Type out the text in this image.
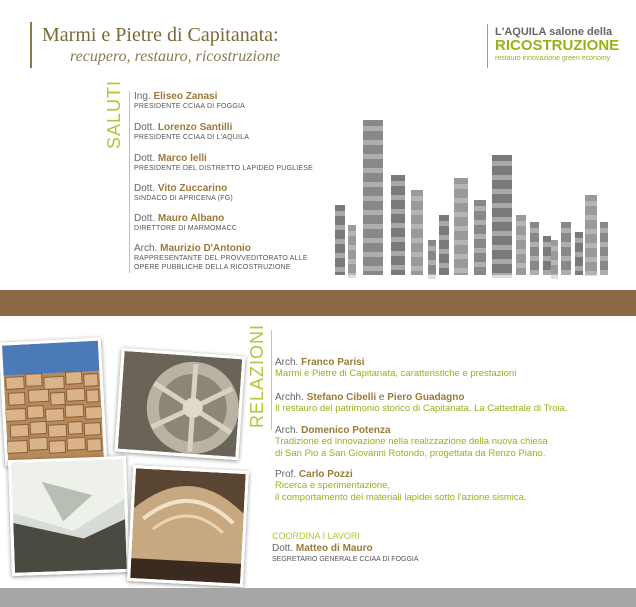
Marmi e Pietre di Capitanata:
recupero, restauro, ricostruzione
L'AQUILA salone della
RICOSTRUZIONE
restauro innovazione green economy
SALUTI Ing. Eliseo Zanasi
PRESIDENTE CCIAA DI FOGGIA
Dott. Lorenzo Santilli
PRESIDENTE CCIAA DI L'AQUILA
Dott. Marco Ielli
PRESIDENTE DEL DISTRETTO LAPIDEO PUGLIESE
Dott. Vito Zuccarino
SINDACO DI APRICENA (FG)
Dott. Mauro Albano
DIRETTORE DI MARMOMACC
Arch. Maurizio D'Antonio
RAPPRESENTANTE DEL PROVVEDITORATO ALLE
OPERE PUBBLICHE DELLA RICOSTRUZIONE
RELAZIONI Arch. Franco Parisi
Marmi e Pietre di Capitanata, caratteristiche e prestazioni
Archh. Stefano Cibelli e Piero Guadagno
Il restauro del patrimonio storico di Capitanata. La Cattedrale di Troia.
Arch. Domenico Potenza
Tradizione ed innovazione nella realizzazione della nuova chiesa
di San Pio a San Giovanni Rotondo, progettata da Renzo Piano.
Prof. Carlo Pozzi
Ricerca e sperimentazione,
il comportamento dei materiali lapidei sotto l'azione sismica.
COORDINA I LAVORI
Dott. Matteo di Mauro
SEGRETARIO GENERALE CCIAA DI FOGGIA
